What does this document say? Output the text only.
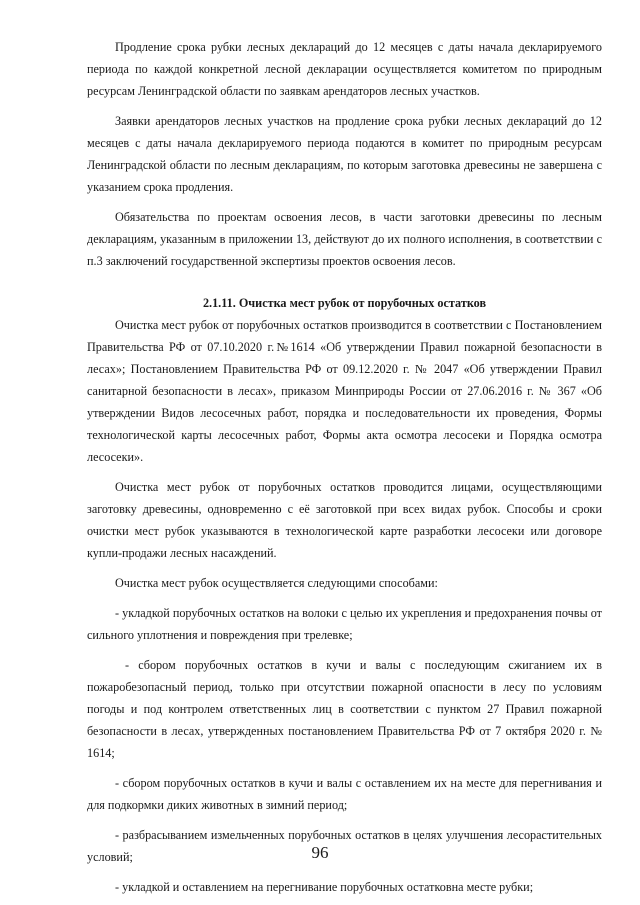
Продление срока рубки лесных деклараций до 12 месяцев с даты начала декларируемого периода по каждой конкретной лесной декларации осуществляется комитетом по природным ресурсам Ленинградской области по заявкам арендаторов лесных участков.

Заявки арендаторов лесных участков на продление срока рубки лесных деклараций до 12 месяцев с даты начала декларируемого периода подаются в комитет по природным ресурсам Ленинградской области по лесным декларациям, по которым заготовка древесины не завершена с указанием срока продления.

Обязательства по проектам освоения лесов, в части заготовки древесины по лесным декларациям, указанным в приложении 13, действуют до их полного исполнения, в соответствии с п.3 заключений государственной экспертизы проектов освоения лесов.

2.1.11. Очистка мест рубок от порубочных остатков

Очистка мест рубок от порубочных остатков производится в соответствии с Постановлением Правительства РФ от 07.10.2020 г.№1614 «Об утверждении Правил пожарной безопасности в лесах»; Постановлением Правительства РФ от 09.12.2020 г. № 2047 «Об утверждении Правил санитарной безопасности в лесах», приказом Минприроды России от 27.06.2016 г. № 367 «Об утверждении Видов лесосечных работ, порядка и последовательности их проведения, Формы технологической карты лесосечных работ, Формы акта осмотра лесосеки и Порядка осмотра лесосеки».

Очистка мест рубок от порубочных остатков проводится лицами, осуществляющими заготовку древесины, одновременно с её заготовкой при всех видах рубок. Способы и сроки очистки мест рубок указываются в технологической карте разработки лесосеки или договоре купли-продажи лесных насаждений.

Очистка мест рубок осуществляется следующими способами:

- укладкой порубочных остатков на волоки с целью их укрепления и предохранения почвы от сильного уплотнения и повреждения при трелевке;

- сбором порубочных остатков в кучи и валы с последующим сжиганием их в пожаробезопасный период, только при отсутствии пожарной опасности в лесу по условиям погоды и под контролем ответственных лиц в соответствии с пунктом 27 Правил пожарной безопасности в лесах, утвержденных постановлением Правительства РФ от 7 октября 2020 г. № 1614;

- сбором порубочных остатков в кучи и валы с оставлением их на месте для перегнивания и для подкормки диких животных в зимний период;

- разбрасыванием измельченных порубочных остатков в целях улучшения лесорастительных условий;

- укладкой и оставлением на перегнивание порубочных остатковна месте рубки;

96
